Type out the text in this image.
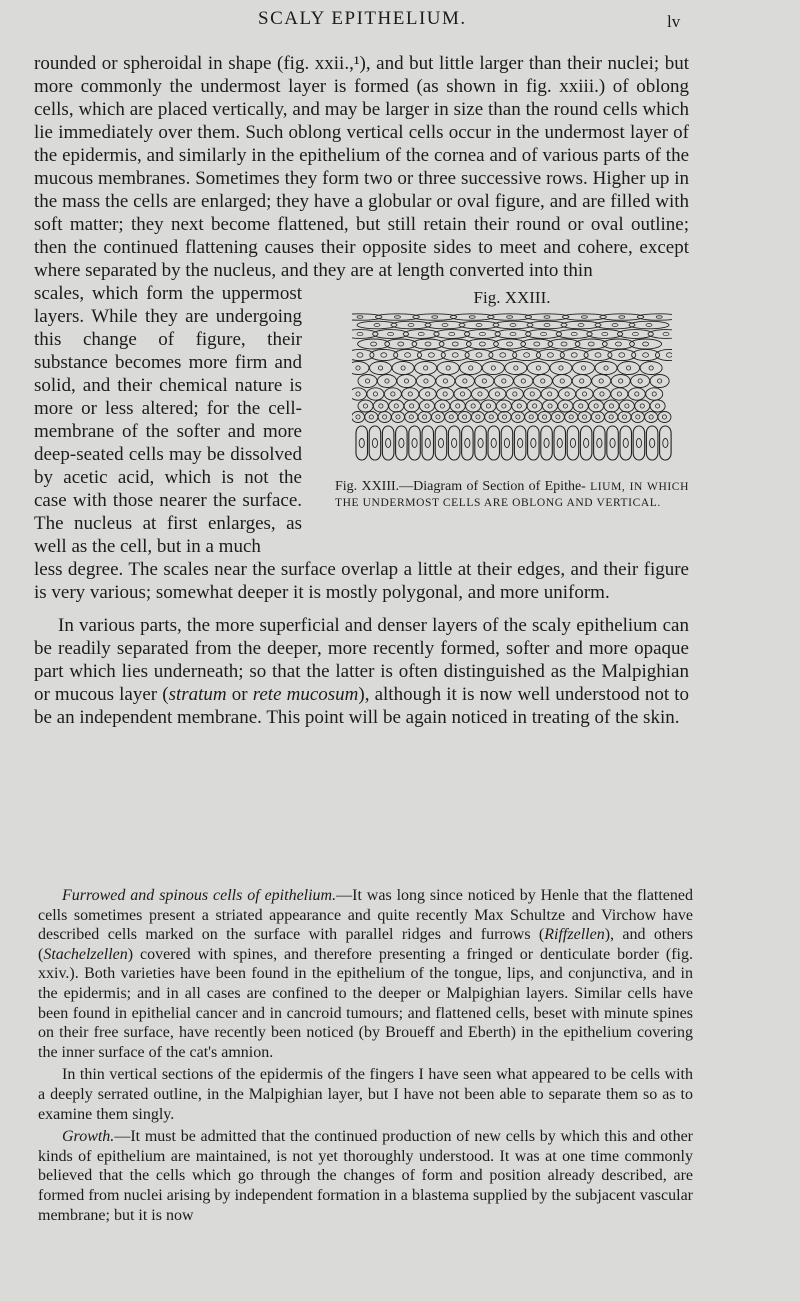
SCALY EPITHELIUM.	lv

rounded or spheroidal in shape (fig. xxii.,¹), and but little larger than their nuclei; but more commonly the undermost layer is formed (as shown in fig. xxiii.) of oblong cells, which are placed vertically, and may be larger in size than the round cells which lie immediately over them. Such oblong vertical cells occur in the undermost layer of the epidermis, and similarly in the epithelium of the cornea and of various parts of the mucous membranes. Sometimes they form two or three successive rows. Higher up in the mass the cells are enlarged; they have a globular or oval figure, and are filled with soft matter; they next become flattened, but still retain their round or oval outline; then the continued flattening causes their opposite sides to meet and cohere, except where separated by the nucleus, and they are at length converted into thin

Fig. XXIII.

Fig. XXIII.—Diagram of Section of Epithe- LIUM, IN WHICH THE UNDERMOST CELLS ARE OBLONG AND VERTICAL.

scales, which form the uppermost layers. While they are undergoing this change of figure, their substance becomes more firm and solid, and their chemical nature is more or less altered; for the cell-membrane of the softer and more deep-seated cells may be dissolved by acetic acid, which is not the case with those nearer the surface. The nucleus at first enlarges, as well as the cell, but in a much

less degree. The scales near the surface overlap a little at their edges, and their figure is very various; somewhat deeper it is mostly polygonal, and more uniform.

In various parts, the more superficial and denser layers of the scaly epithelium can be readily separated from the deeper, more recently formed, softer and more opaque part which lies underneath; so that the latter is often distinguished as the Malpighian or mucous layer (stratum or rete mucosum), although it is now well understood not to be an independent membrane. This point will be again noticed in treating of the skin.

Furrowed and spinous cells of epithelium.—It was long since noticed by Henle that the flattened cells sometimes present a striated appearance and quite recently Max Schultze and Virchow have described cells marked on the surface with parallel ridges and furrows (Riffzellen), and others (Stachelzellen) covered with spines, and therefore presenting a fringed or denticulate border (fig. xxiv.). Both varieties have been found in the epithelium of the tongue, lips, and conjunctiva, and in the epidermis; and in all cases are confined to the deeper or Malpighian layers. Similar cells have been found in epithelial cancer and in cancroid tumours; and flattened cells, beset with minute spines on their free surface, have recently been noticed (by Broueff and Eberth) in the epithelium covering the inner surface of the cat's amnion.

In thin vertical sections of the epidermis of the fingers I have seen what appeared to be cells with a deeply serrated outline, in the Malpighian layer, but I have not been able to separate them so as to examine them singly.

Growth.—It must be admitted that the continued production of new cells by which this and other kinds of epithelium are maintained, is not yet thoroughly understood. It was at one time commonly believed that the cells which go through the changes of form and position already described, are formed from nuclei arising by independent formation in a blastema supplied by the subjacent vascular membrane; but it is now
